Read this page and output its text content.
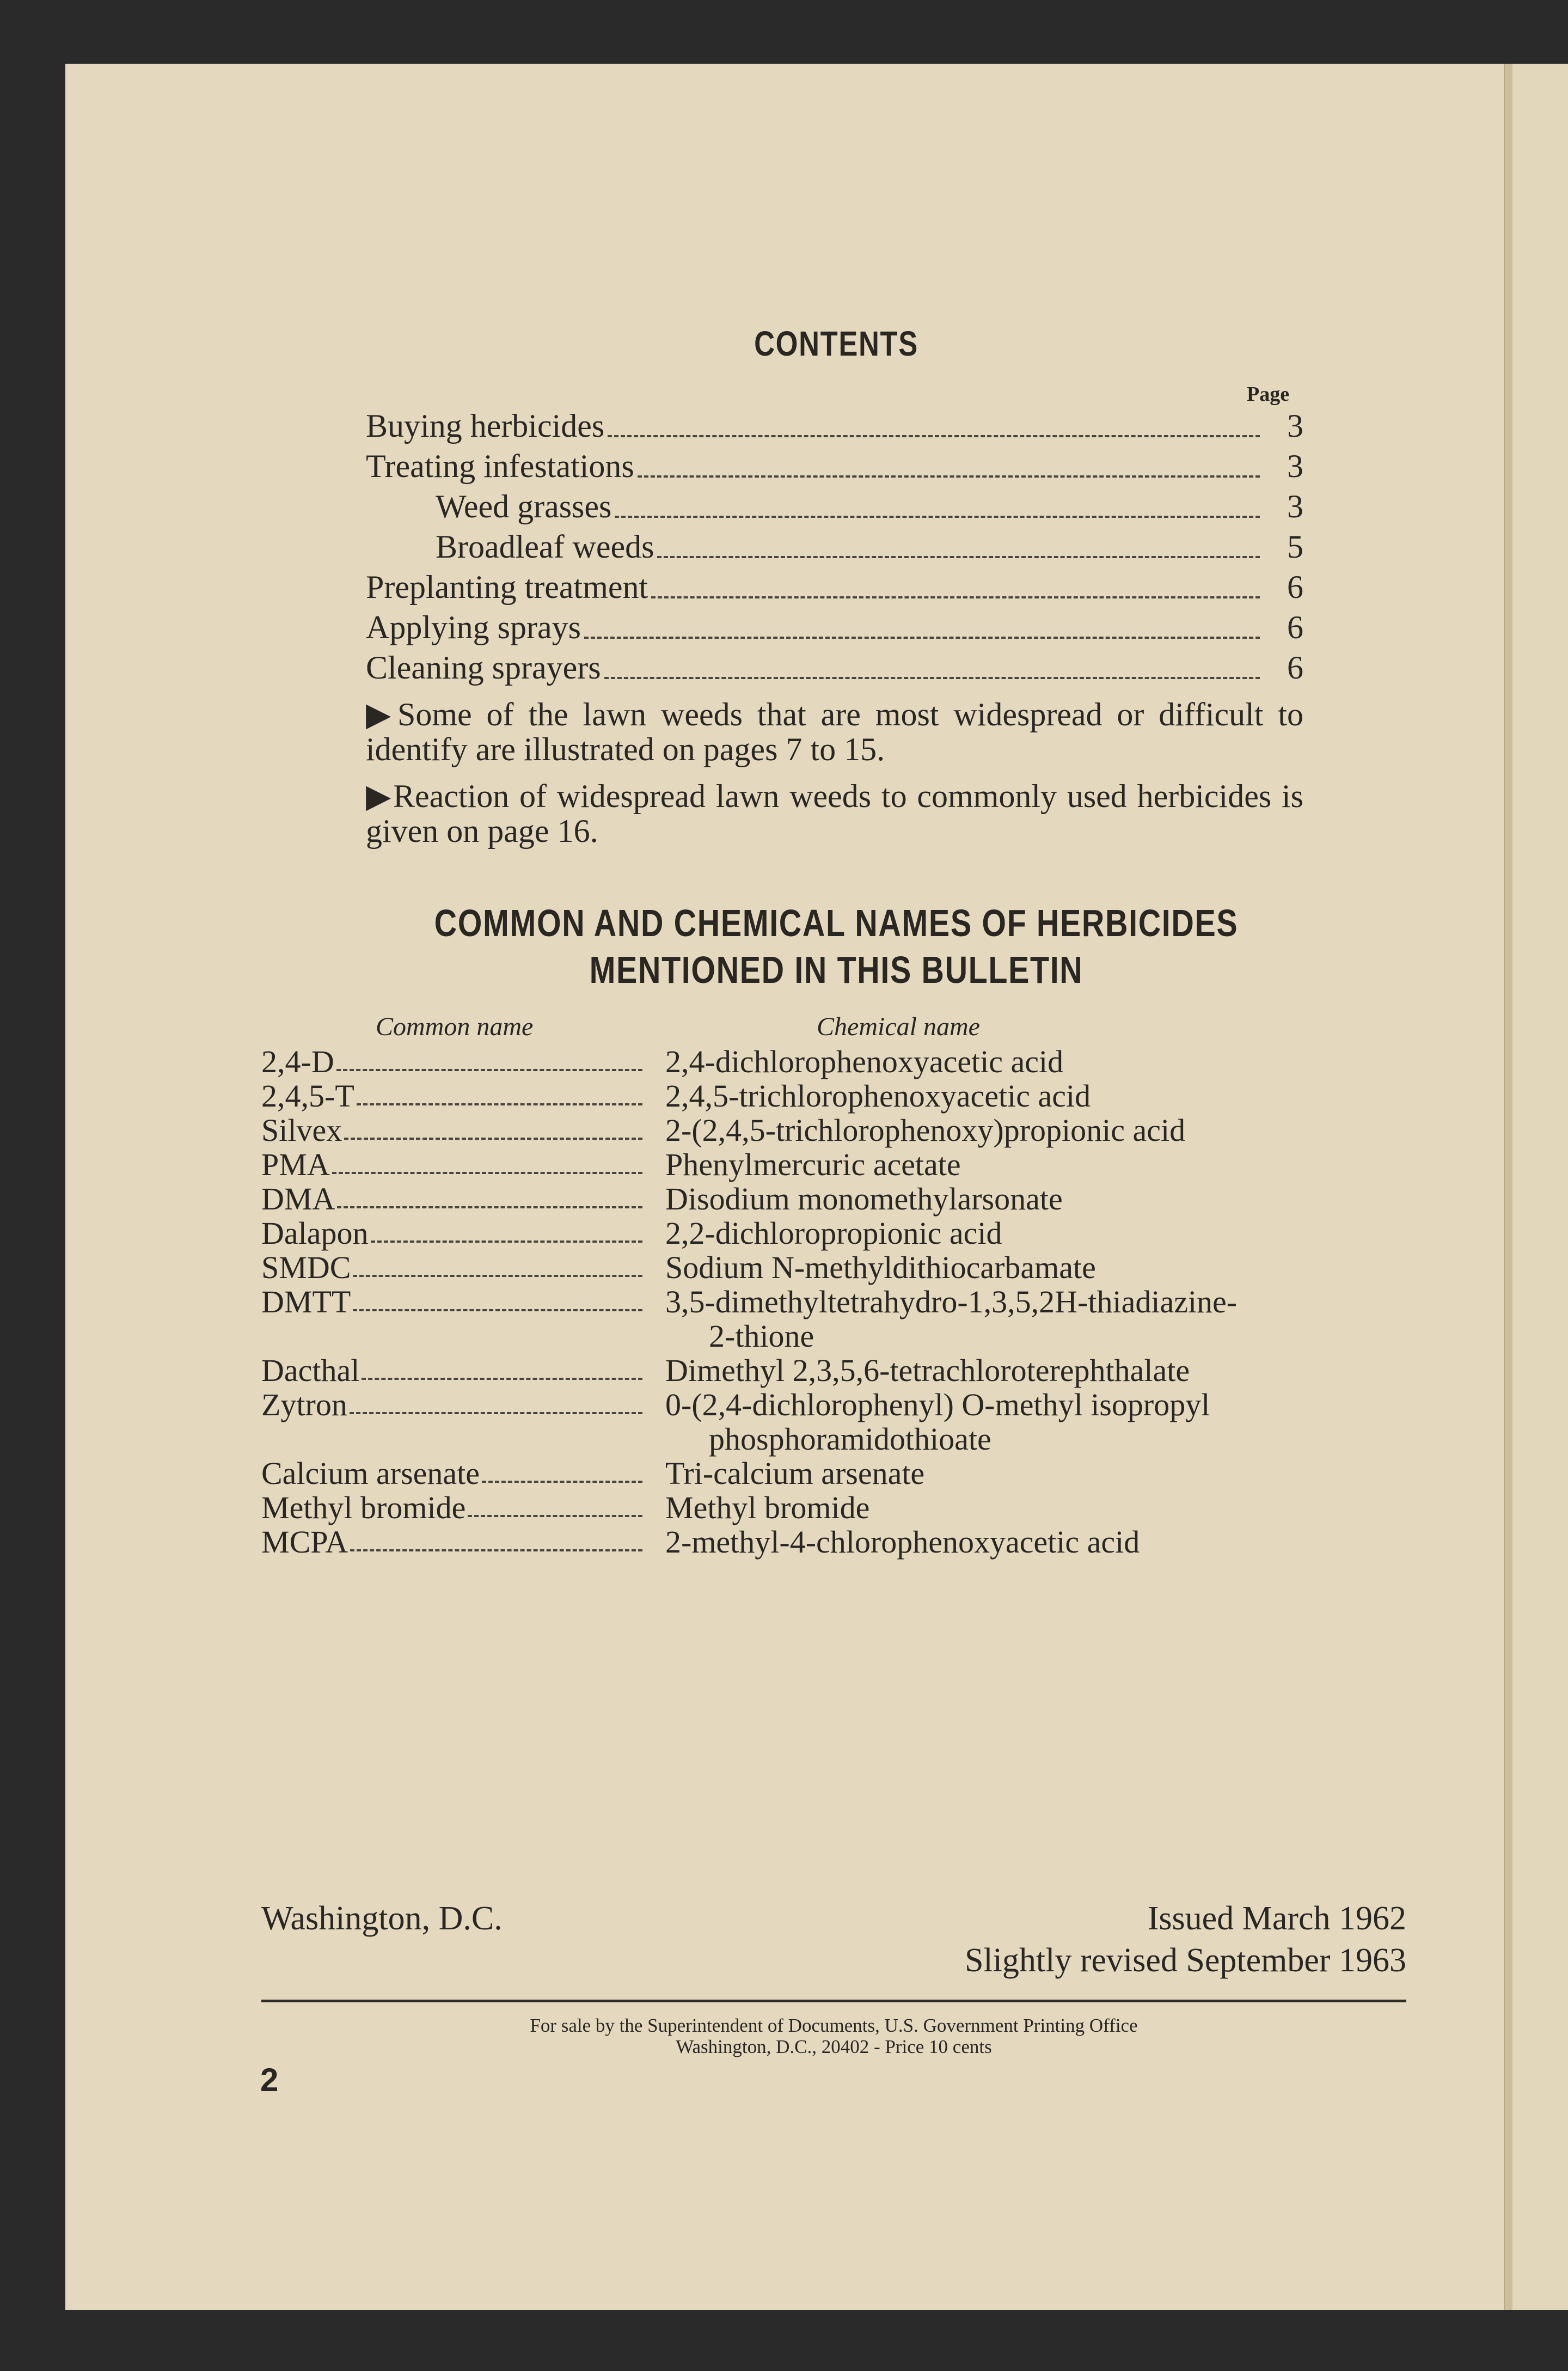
CONTENTS
Page
Buying herbicides	3
Treating infestations	3
Weed grasses	3
Broadleaf weeds	5
Preplanting treatment	6
Applying sprays	6
Cleaning sprayers	6
▶Some of the lawn weeds that are most widespread or difficult to identify are illustrated on pages 7 to 15.
▶Reaction of widespread lawn weeds to commonly used herbicides is given on page 16.
COMMON AND CHEMICAL NAMES OF HERBICIDES
MENTIONED IN THIS BULLETIN
Common name	Chemical name
2,4-D	2,4-dichlorophenoxyacetic acid
2,4,5-T	2,4,5-trichlorophenoxyacetic acid
Silvex	2-(2,4,5-trichlorophenoxy)propionic acid
PMA	Phenylmercuric acetate
DMA	Disodium monomethylarsonate
Dalapon	2,2-dichloropropionic acid
SMDC	Sodium N-methyldithiocarbamate
DMTT	3,5-dimethyltetrahydro-1,3,5,2H-thiadiazine-
2-thione
Dacthal	Dimethyl 2,3,5,6-tetrachloroterephthalate
Zytron	0-(2,4-dichlorophenyl) O-methyl isopropyl
phosphoramidothioate
Calcium arsenate	Tri-calcium arsenate
Methyl bromide	Methyl bromide
MCPA	2-methyl-4-chlorophenoxyacetic acid
Washington, D.C.	Issued March 1962
Slightly revised September 1963
For sale by the Superintendent of Documents, U.S. Government Printing Office
Washington, D.C., 20402 - Price 10 cents
2
